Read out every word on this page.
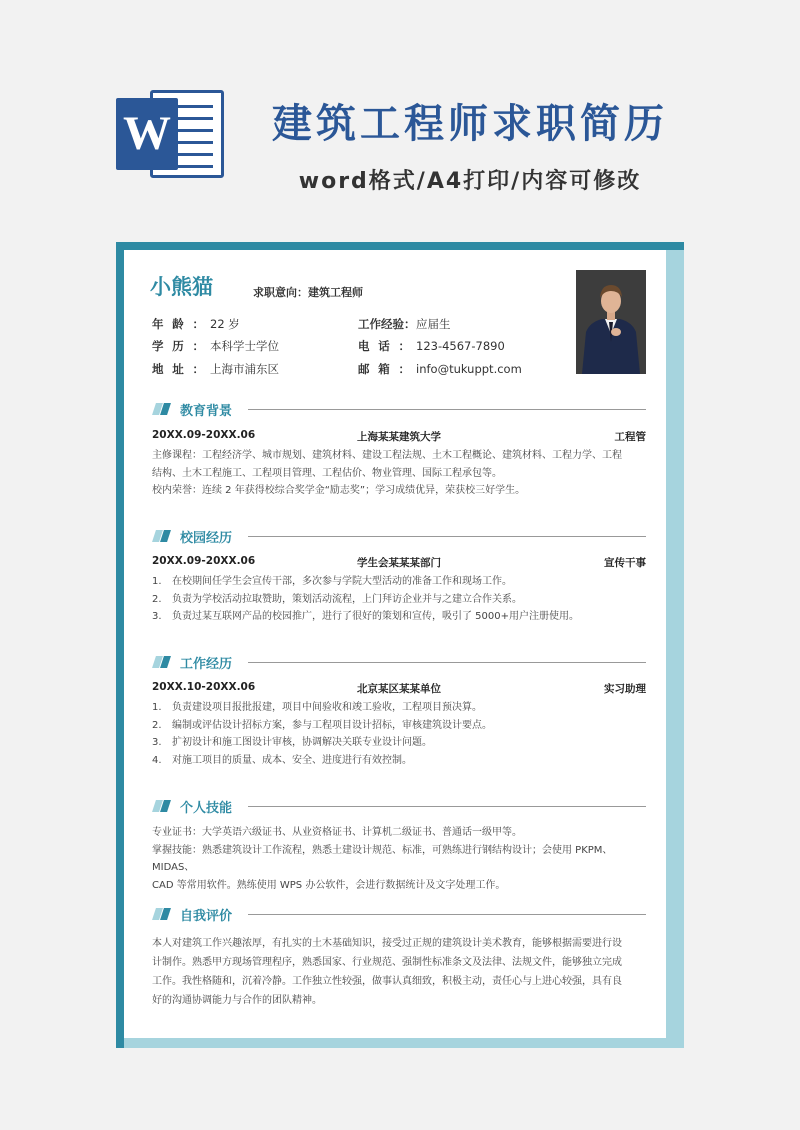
W	建筑工程师求职简历
word格式/A4打印/内容可修改
小熊猫	求职意向：建筑工程师
年龄： 22 岁
学历： 本科学士学位
地址： 上海市浦东区
工作经验：应届生
电话： 123-4567-7890
邮箱： info@tukuppt.com
教育背景
20XX.09-20XX.06	上海某某建筑大学	工程管

主修课程：工程经济学、城市规划、建筑材料、建设工程法规、土木工程概论、建筑材料、工程力学、工程

结构、土木工程施工、工程项目管理、工程估价、物业管理、国际工程承包等。

校内荣誉：连续 2 年获得校综合奖学金“励志奖”；学习成绩优异，荣获校三好学生。

校园经历
20XX.09-20XX.06	学生会某某某部门	宣传干事
1. 在校期间任学生会宣传干部，多次参与学院大型活动的准备工作和现场工作。
2. 负责为学校活动拉取赞助，策划活动流程，上门拜访企业并与之建立合作关系。
3. 负责过某互联网产品的校园推广，进行了很好的策划和宣传，吸引了 5000+用户注册使用。
工作经历
20XX.10-20XX.06	北京某区某某单位	实习助理
1. 负责建设项目报批报建，项目中间验收和竣工验收，工程项目预决算。
2. 编制或评估设计招标方案，参与工程项目设计招标，审核建筑设计要点。
3. 扩初设计和施工图设计审核，协调解决关联专业设计问题。
4. 对施工项目的质量、成本、安全、进度进行有效控制。
个人技能

专业证书：大学英语六级证书、从业资格证书、计算机二级证书、普通话一级甲等。

掌握技能：熟悉建筑设计工作流程，熟悉土建设计规范、标准，可熟练进行钢结构设计；会使用 PKPM、MIDAS、

CAD 等常用软件。熟练使用 WPS 办公软件，会进行数据统计及文字处理工作。

自我评价

本人对建筑工作兴趣浓厚，有扎实的土木基础知识，接受过正规的建筑设计美术教育，能够根据需要进行设

计制作。熟悉甲方现场管理程序，熟悉国家、行业规范、强制性标准条文及法律、法规文件，能够独立完成

工作。我性格随和，沉着冷静。工作独立性较强，做事认真细致，积极主动，责任心与上进心较强，具有良

好的沟通协调能力与合作的团队精神。
